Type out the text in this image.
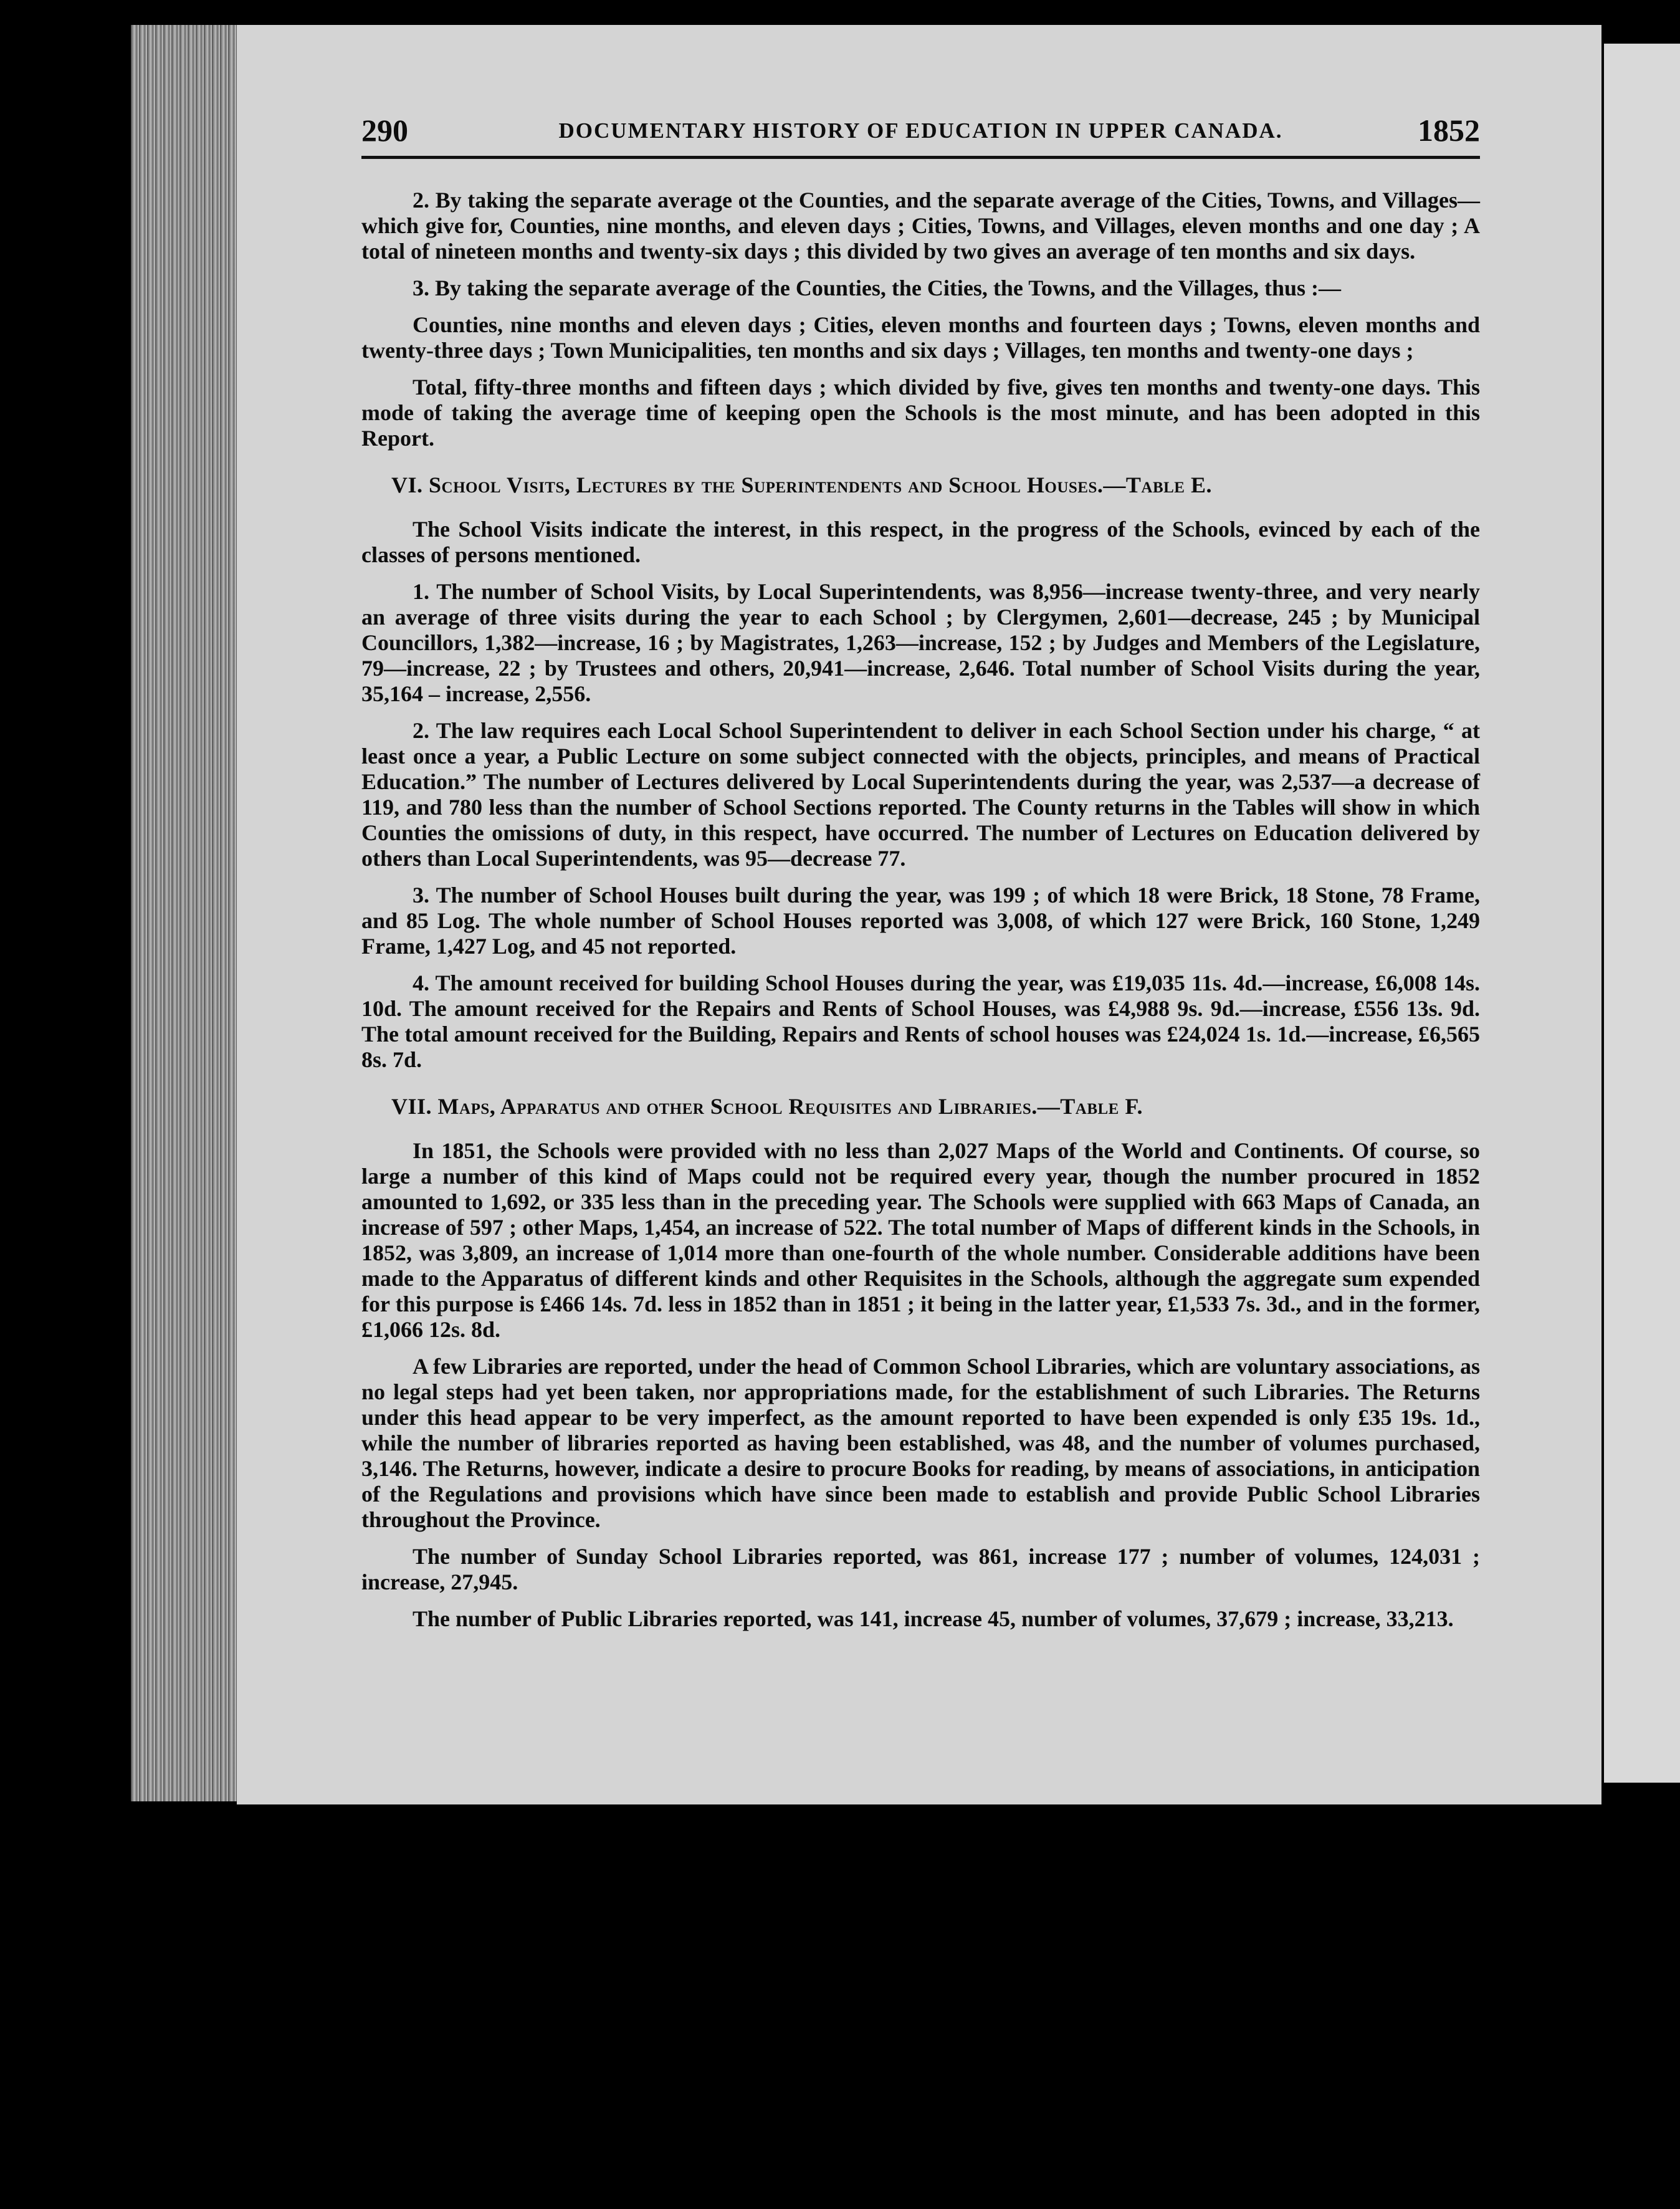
290	DOCUMENTARY HISTORY OF EDUCATION IN UPPER CANADA.	1852

2. By taking the separate average ot the Counties, and the separate average of the Cities, Towns, and Villages—which give for, Counties, nine months, and eleven days ; Cities, Towns, and Villages, eleven months and one day ; A total of nineteen months and twenty-six days ; this divided by two gives an average of ten months and six days.

3. By taking the separate average of the Counties, the Cities, the Towns, and the Villages, thus :—

Counties, nine months and eleven days ; Cities, eleven months and fourteen days ; Towns, eleven months and twenty-three days ; Town Municipalities, ten months and six days ; Villages, ten months and twenty-one days ;

Total, fifty-three months and fifteen days ; which divided by five, gives ten months and twenty-one days. This mode of taking the average time of keeping open the Schools is the most minute, and has been adopted in this Report.

VI. School Visits, Lectures by the Superintendents and School Houses.—Table E.

The School Visits indicate the interest, in this respect, in the progress of the Schools, evinced by each of the classes of persons mentioned.

1. The number of School Visits, by Local Superintendents, was 8,956—increase twenty-three, and very nearly an average of three visits during the year to each School ; by Clergymen, 2,601—decrease, 245 ; by Municipal Councillors, 1,382—increase, 16 ; by Magistrates, 1,263—increase, 152 ; by Judges and Members of the Legislature, 79—increase, 22 ; by Trustees and others, 20,941—increase, 2,646. Total number of School Visits during the year, 35,164 – increase, 2,556.

2. The law requires each Local School Superintendent to deliver in each School Section under his charge, “ at least once a year, a Public Lecture on some subject connected with the objects, principles, and means of Practical Education.” The number of Lectures delivered by Local Superintendents during the year, was 2,537—a decrease of 119, and 780 less than the number of School Sections reported. The County returns in the Tables will show in which Counties the omissions of duty, in this respect, have occurred. The number of Lectures on Education delivered by others than Local Superintendents, was 95—decrease 77.

3. The number of School Houses built during the year, was 199 ; of which 18 were Brick, 18 Stone, 78 Frame, and 85 Log. The whole number of School Houses reported was 3,008, of which 127 were Brick, 160 Stone, 1,249 Frame, 1,427 Log, and 45 not reported.

4. The amount received for building School Houses during the year, was £19,035 11s. 4d.—increase, £6,008 14s. 10d. The amount received for the Repairs and Rents of School Houses, was £4,988 9s. 9d.—increase, £556 13s. 9d. The total amount received for the Building, Repairs and Rents of school houses was £24,024 1s. 1d.—increase, £6,565 8s. 7d.

VII. Maps, Apparatus and other School Requisites and Libraries.—Table F.

In 1851, the Schools were provided with no less than 2,027 Maps of the World and Continents. Of course, so large a number of this kind of Maps could not be required every year, though the number procured in 1852 amounted to 1,692, or 335 less than in the preceding year. The Schools were supplied with 663 Maps of Canada, an increase of 597 ; other Maps, 1,454, an increase of 522. The total number of Maps of different kinds in the Schools, in 1852, was 3,809, an increase of 1,014 more than one-fourth of the whole number. Considerable additions have been made to the Apparatus of different kinds and other Requisites in the Schools, although the aggregate sum expended for this purpose is £466 14s. 7d. less in 1852 than in 1851 ; it being in the latter year, £1,533 7s. 3d., and in the former, £1,066 12s. 8d.

A few Libraries are reported, under the head of Common School Libraries, which are voluntary associations, as no legal steps had yet been taken, nor appropriations made, for the establishment of such Libraries. The Returns under this head appear to be very imperfect, as the amount reported to have been expended is only £35 19s. 1d., while the number of libraries reported as having been established, was 48, and the number of volumes purchased, 3,146. The Returns, however, indicate a desire to procure Books for reading, by means of associations, in anticipation of the Regulations and provisions which have since been made to establish and provide Public School Libraries throughout the Province.

The number of Sunday School Libraries reported, was 861, increase 177 ; number of volumes, 124,031 ; increase, 27,945.

The number of Public Libraries reported, was 141, increase 45, number of volumes, 37,679 ; increase, 33,213.
